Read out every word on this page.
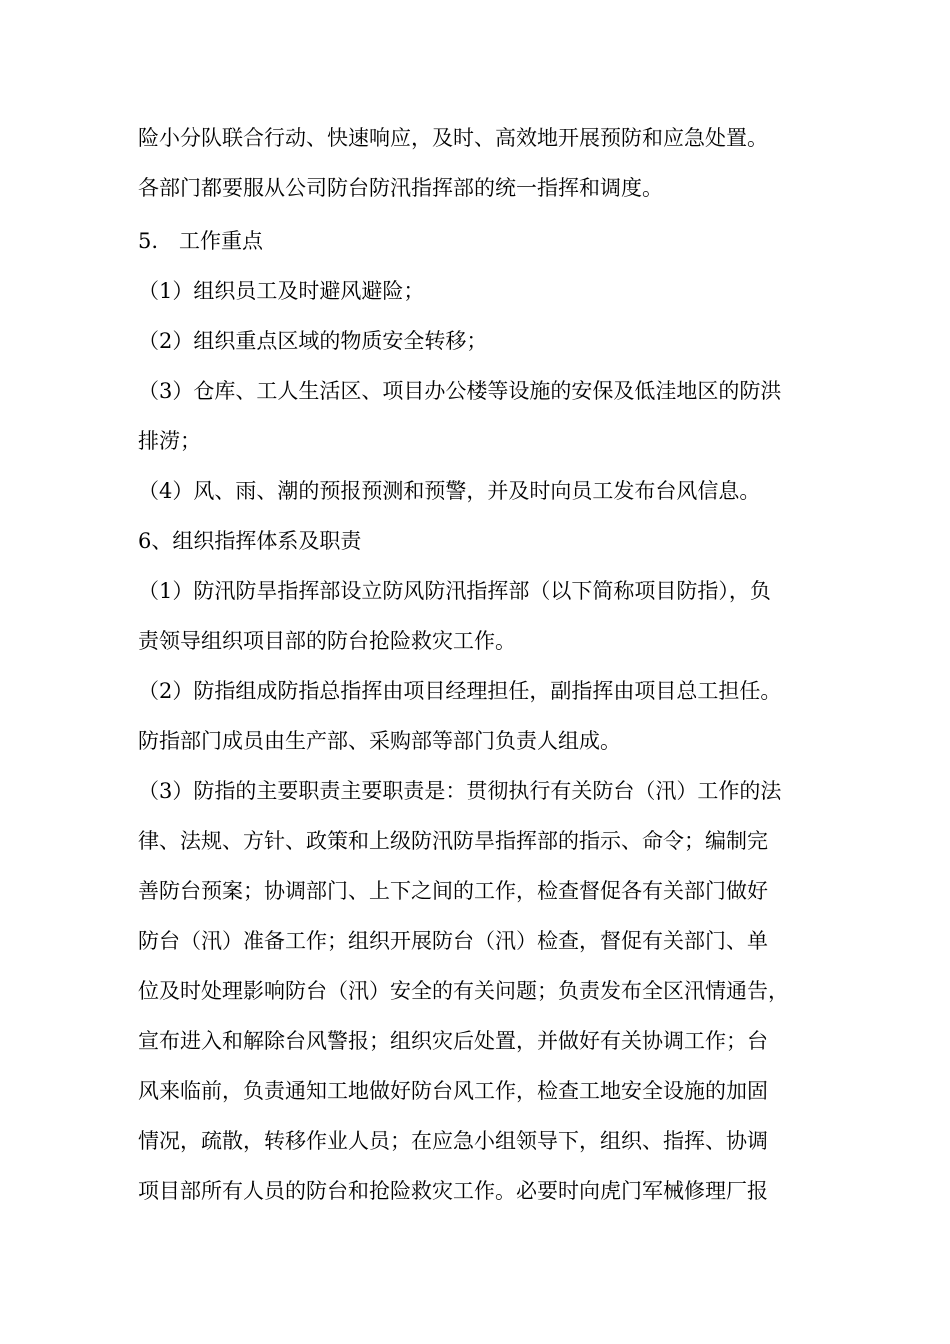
险小分队联合行动、快速响应，及时、高效地开展预防和应急处置。
各部门都要服从公司防台防汛指挥部的统一指挥和调度。
5.　工作重点
（1）组织员工及时避风避险；
（2）组织重点区域的物质安全转移；
（3）仓库、工人生活区、项目办公楼等设施的安保及低洼地区的防洪
排涝；
（4）风、雨、潮的预报预测和预警，并及时向员工发布台风信息。
6、组织指挥体系及职责
（1）防汛防旱指挥部设立防风防汛指挥部（以下简称项目防指），负
责领导组织项目部的防台抢险救灾工作。
（2）防指组成防指总指挥由项目经理担任，副指挥由项目总工担任。
防指部门成员由生产部、采购部等部门负责人组成。
（3）防指的主要职责主要职责是：贯彻执行有关防台（汛）工作的法
律、法规、方针、政策和上级防汛防旱指挥部的指示、命令；编制完
善防台预案；协调部门、上下之间的工作，检查督促各有关部门做好
防台（汛）准备工作；组织开展防台（汛）检查，督促有关部门、单
位及时处理影响防台（汛）安全的有关问题；负责发布全区汛情通告，
宣布进入和解除台风警报；组织灾后处置，并做好有关协调工作；台
风来临前，负责通知工地做好防台风工作，检查工地安全设施的加固
情况，疏散，转移作业人员；在应急小组领导下，组织、指挥、协调
项目部所有人员的防台和抢险救灾工作。必要时向虎门军械修理厂报
